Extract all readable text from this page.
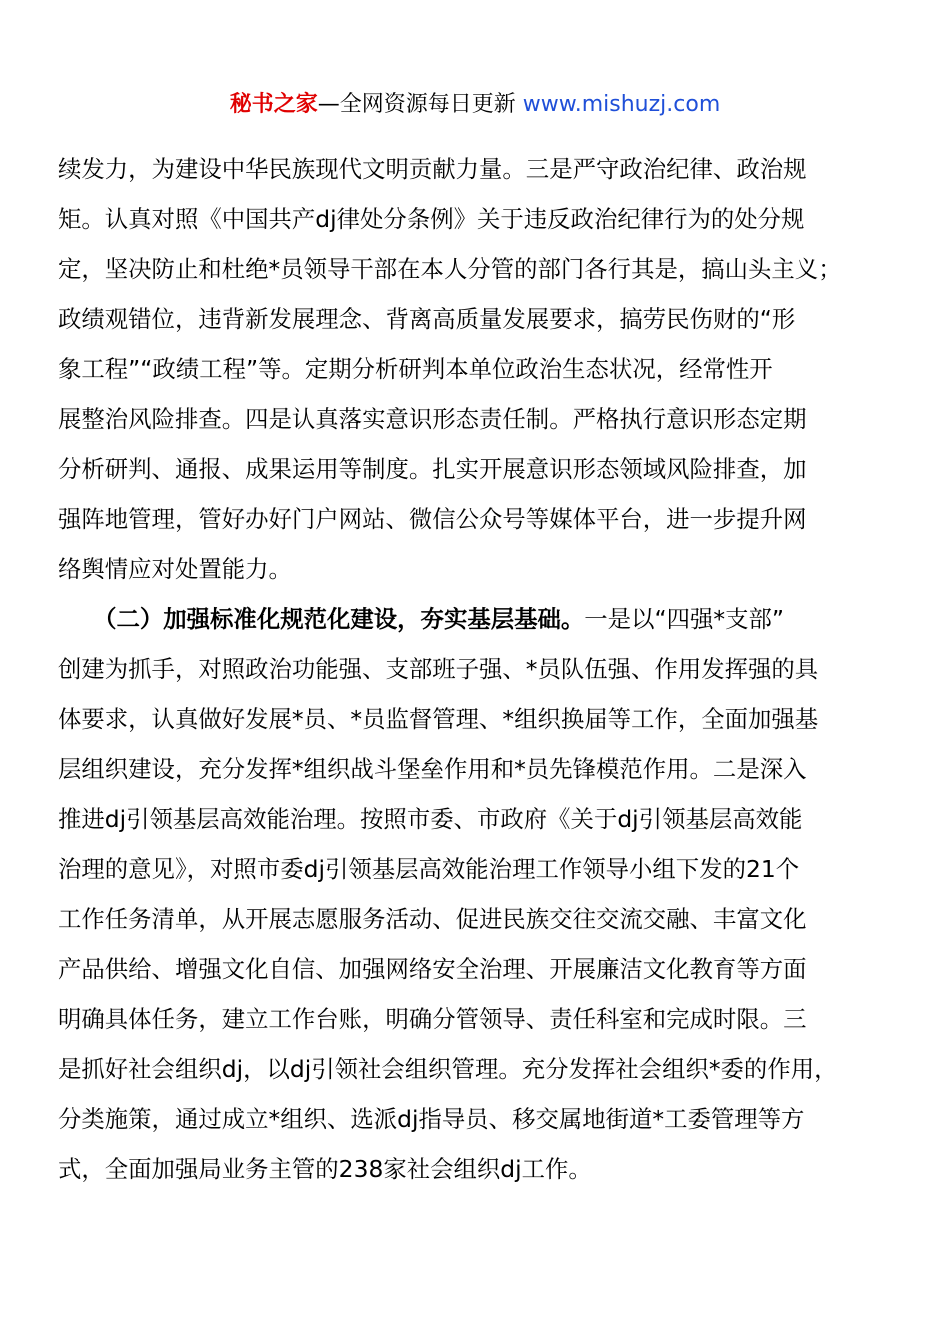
秘书之家—全网资源每日更新 www.mishuzj.com
续发力，为建设中华民族现代文明贡献力量。三是严守政治纪律、政治规
矩。认真对照《中国共产dj律处分条例》关于违反政治纪律行为的处分规
定，坚决防止和杜绝*员领导干部在本人分管的部门各行其是，搞山头主义；
政绩观错位，违背新发展理念、背离高质量发展要求，搞劳民伤财的“形
象工程”“政绩工程”等。定期分析研判本单位政治生态状况，经常性开
展整治风险排查。四是认真落实意识形态责任制。严格执行意识形态定期
分析研判、通报、成果运用等制度。扎实开展意识形态领域风险排查，加
强阵地管理，管好办好门户网站、微信公众号等媒体平台，进一步提升网
络舆情应对处置能力。
  （二）加强标准化规范化建设，夯实基层基础。一是以“四强*支部”
创建为抓手，对照政治功能强、支部班子强、*员队伍强、作用发挥强的具
体要求，认真做好发展*员、*员监督管理、*组织换届等工作，全面加强基
层组织建设，充分发挥*组织战斗堡垒作用和*员先锋模范作用。二是深入
推进dj引领基层高效能治理。按照市委、市政府《关于dj引领基层高效能
治理的意见》，对照市委dj引领基层高效能治理工作领导小组下发的21个
工作任务清单，从开展志愿服务活动、促进民族交往交流交融、丰富文化
产品供给、增强文化自信、加强网络安全治理、开展廉洁文化教育等方面
明确具体任务，建立工作台账，明确分管领导、责任科室和完成时限。三
是抓好社会组织dj，以dj引领社会组织管理。充分发挥社会组织*委的作用，
分类施策，通过成立*组织、选派dj指导员、移交属地街道*工委管理等方
式，全面加强局业务主管的238家社会组织dj工作。
